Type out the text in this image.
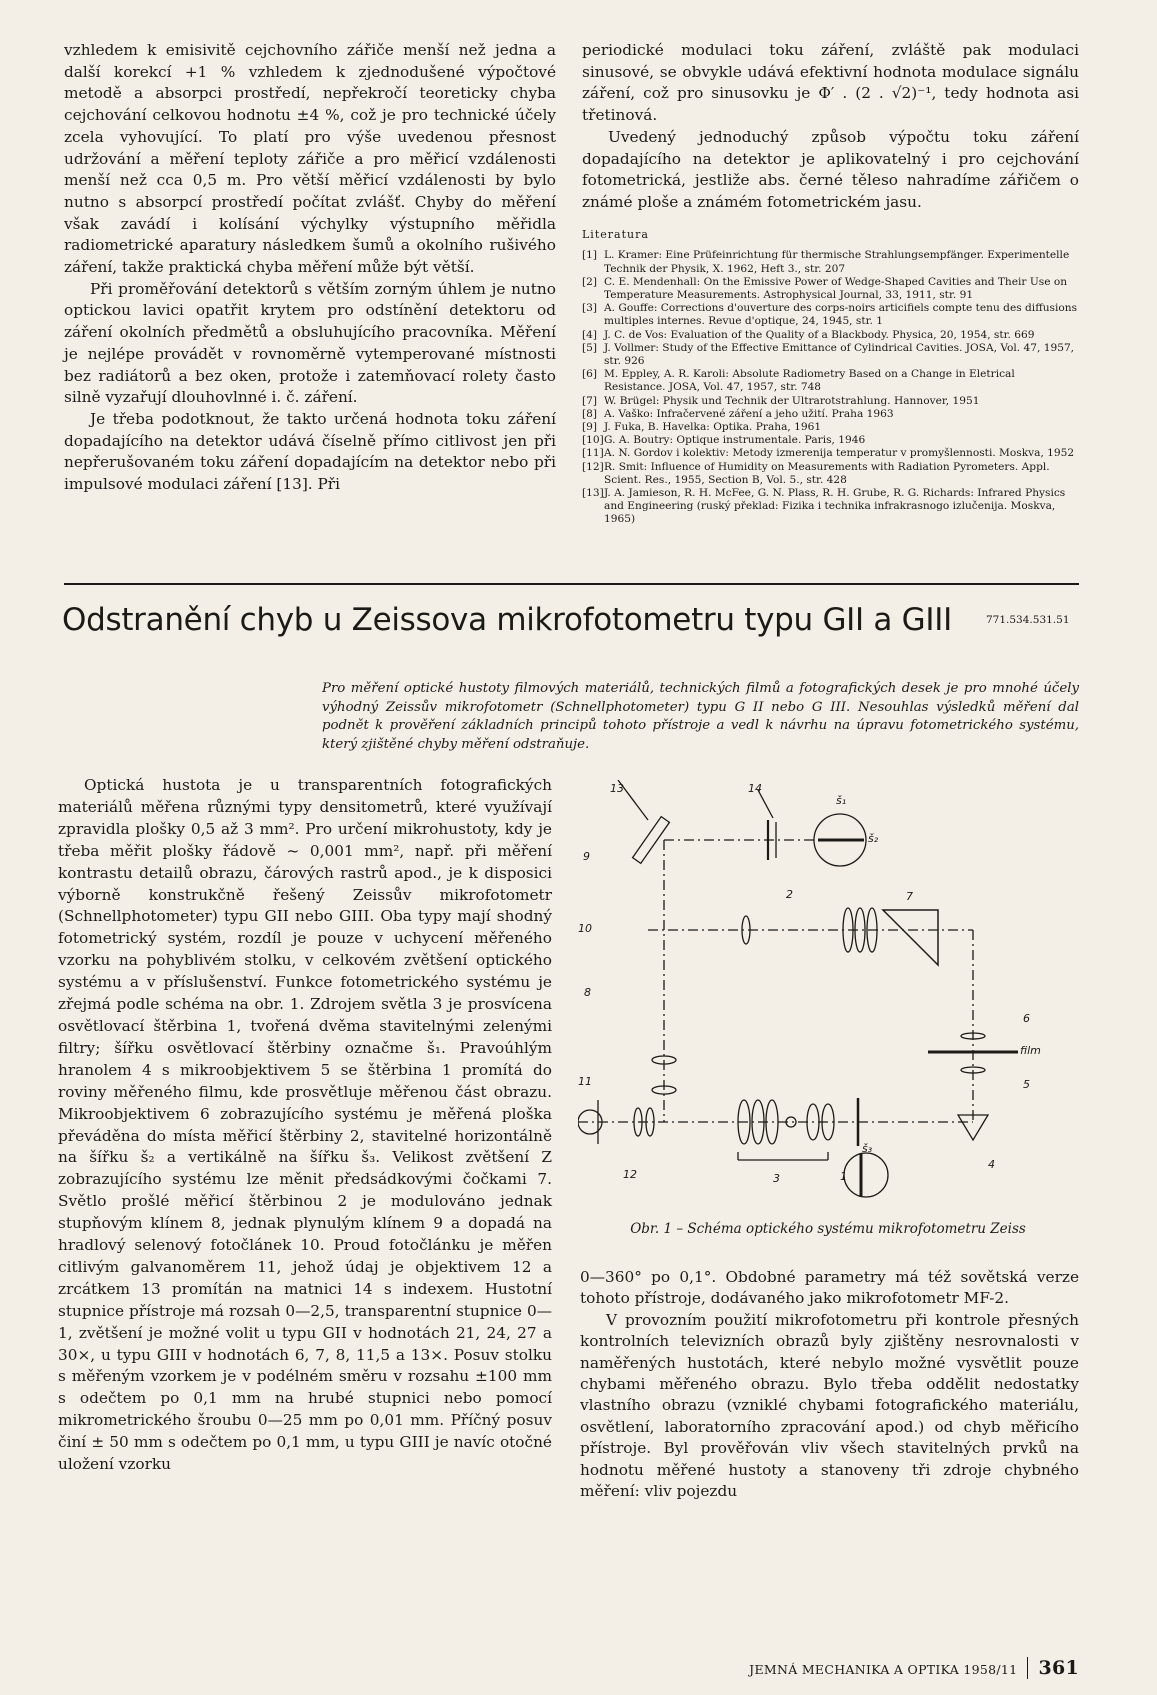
vzhledem k emisivitě cejchovního zářiče menší než jedna a další korekcí +1 % vzhledem k zjednodušené výpočtové metodě a absorpci prostředí, nepřekročí teoreticky chyba cejchování celkovou hodnotu ±4 %, což je pro technické účely zcela vyhovující. To platí pro výše uvedenou přesnost udržování a měření teploty zářiče a pro měřicí vzdálenosti menší než cca 0,5 m. Pro větší měřicí vzdálenosti by bylo nutno s absorpcí prostředí počítat zvlášť. Chyby do měření však zavádí i kolísání výchylky výstupního měřidla radiometrické aparatury následkem šumů a okolního rušivého záření, takže praktická chyba měření může být větší.

Při proměřování detektorů s větším zorným úhlem je nutno optickou lavici opatřit krytem pro odstínění detektoru od záření okolních předmětů a obsluhujícího pracovníka. Měření je nejlépe provádět v rovnoměrně vytemperované místnosti bez radiátorů a bez oken, protože i zatemňovací rolety často silně vyzařují dlouhovlnné i. č. záření.

Je třeba podotknout, že takto určená hodnota toku záření dopadajícího na detektor udává číselně přímo citlivost jen při nepřerušovaném toku záření dopadajícím na detektor nebo při impulsové modulaci záření [13]. Při

periodické modulaci toku záření, zvláště pak modulaci sinusové, se obvykle udává efektivní hodnota modulace signálu záření, což pro sinusovku je Φ′ . (2 . √2)⁻¹, tedy hodnota asi třetinová.

Uvedený jednoduchý způsob výpočtu toku záření dopadajícího na detektor je aplikovatelný i pro cejchování fotometrická, jestliže abs. černé těleso nahradíme zářičem o známé ploše a známém fotometrickém jasu.

Literatura
[1] L. Kramer: Eine Prüfeinrichtung für thermische Strahlungsempfänger. Experimentelle Technik der Physik, X. 1962, Heft 3., str. 207
[2] C. E. Mendenhall: On the Emissive Power of Wedge-Shaped Cavities and Their Use on Temperature Measurements. Astrophysical Journal, 33, 1911, str. 91
[3] A. Gouffe: Corrections d'ouverture des corps-noirs articifiels compte tenu des diffusions multiples internes. Revue d'optique, 24, 1945, str. 1
[4] J. C. de Vos: Evaluation of the Quality of a Blackbody. Physica, 20, 1954, str. 669
[5] J. Vollmer: Study of the Effective Emittance of Cylindrical Cavities. JOSA, Vol. 47, 1957, str. 926
[6] M. Eppley, A. R. Karoli: Absolute Radiometry Based on a Change in Eletrical Resistance. JOSA, Vol. 47, 1957, str. 748
[7] W. Brügel: Physik und Technik der Ultrarotstrahlung. Hannover, 1951
[8] A. Vaško: Infračervené záření a jeho užití. Praha 1963
[9] J. Fuka, B. Havelka: Optika. Praha, 1961
[10] G. A. Boutry: Optique instrumentale. Paris, 1946
[11] A. N. Gordov i kolektiv: Metody izmerenija temperatur v promyšlennosti. Moskva, 1952
[12] R. Smit: Influence of Humidity on Measurements with Radiation Pyrometers. Appl. Scient. Res., 1955, Section B, Vol. 5., str. 428
[13] J. A. Jamieson, R. H. McFee, G. N. Plass, R. H. Grube, R. G. Richards: Infrared Physics and Engineering (ruský překlad: Fizika i technika infrakrasnogo izlučenija. Moskva, 1965)
Odstranění chyb u Zeissova mikrofotometru typu GII a GIII	771.534.531.51
Pro měření optické hustoty filmových materiálů, technických filmů a fotografických desek je pro mnohé účely výhodný Zeissův mikrofotometr (Schnellphotometer) typu G II nebo G III. Nesouhlas výsledků měření dal podnět k prověření základních principů tohoto přístroje a vedl k návrhu na úpravu fotometrického systému, který zjištěné chyby měření odstraňuje.

Optická hustota je u transparentních fotografických materiálů měřena různými typy densitometrů, které využívají zpravidla plošky 0,5 až 3 mm². Pro určení mikrohustoty, kdy je třeba měřit plošky řádově ~ 0,001 mm², např. při měření kontrastu detailů obrazu, čárových rastrů apod., je k disposici výborně konstrukčně řešený Zeissův mikrofotometr (Schnellphotometer) typu GII nebo GIII. Oba typy mají shodný fotometrický systém, rozdíl je pouze v uchycení měřeného vzorku na pohyblivém stolku, v celkovém zvětšení optického systému a v příslušenství. Funkce fotometrického systému je zřejmá podle schéma na obr. 1. Zdrojem světla 3 je prosvícena osvětlovací štěrbina 1, tvořená dvěma stavitelnými zelenými filtry; šířku osvětlovací štěrbiny označme š₁. Pravoúhlým hranolem 4 s mikroobjektivem 5 se štěrbina 1 promítá do roviny měřeného filmu, kde prosvětluje měřenou část obrazu. Mikroobjektivem 6 zobrazujícího systému je měřená ploška převáděna do místa měřicí štěrbiny 2, stavitelné horizontálně na šířku š₂ a vertikálně na šířku š₃. Velikost zvětšení Z zobrazujícího systému lze měnit předsádkovými čočkami 7. Světlo prošlé měřicí štěrbinou 2 je modulováno jednak stupňovým klínem 8, jednak plynulým klínem 9 a dopadá na hradlový selenový fotočlánek 10. Proud fotočlánku je měřen citlivým galvanoměrem 11, jehož údaj je objektivem 12 a zrcátkem 13 promítán na matnici 14 s indexem. Hustotní stupnice přístroje má rozsah 0—2,5, transparentní stupnice 0—1, zvětšení je možné volit u typu GII v hodnotách 21, 24, 27 a 30×, u typu GIII v hodnotách 6, 7, 8, 11,5 a 13×. Posuv stolku s měřeným vzorkem je v podélném směru v rozsahu ±100 mm s odečtem po 0,1 mm na hrubé stupnici nebo pomocí mikrometrického šroubu 0—25 mm po 0,01 mm. Příčný posuv činí ± 50 mm s odečtem po 0,1 mm, u typu GIII je navíc otočné uložení vzorku

13	14
9
10
8
2	7
6
5
4
3	1
11
12
š₁
š₂
š₃
film
Obr. 1 – Schéma optického systému mikrofotometru Zeiss

0—360° po 0,1°. Obdobné parametry má též sovětská verze tohoto přístroje, dodávaného jako mikrofotometr MF-2.

V provozním použití mikrofotometru při kontrole přesných kontrolních televizních obrazů byly zjištěny nesrovnalosti v naměřených hustotách, které nebylo možné vysvětlit pouze chybami měřeného obrazu. Bylo třeba oddělit nedostatky vlastního obrazu (vzniklé chybami fotografického materiálu, osvětlení, laboratorního zpracování apod.) od chyb měřicího přístroje. Byl prověřován vliv všech stavitelných prvků na hodnotu měřené hustoty a stanoveny tři zdroje chybného měření: vliv pojezdu

JEMNÁ MECHANIKA A OPTIKA 1958/11 361
